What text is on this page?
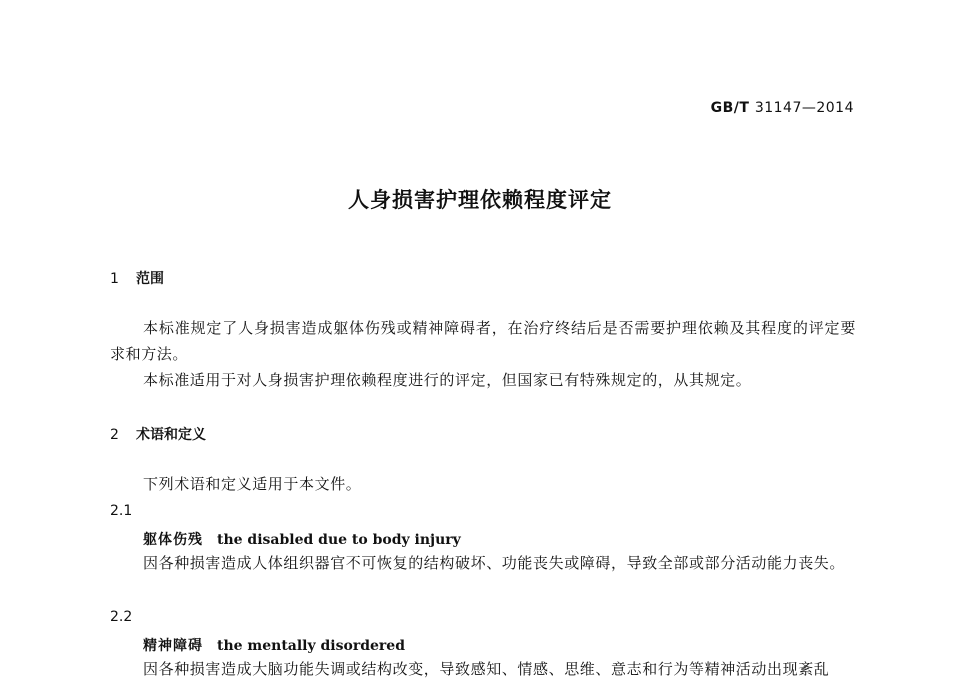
GB/T 31147—2014
人身损害护理依赖程度评定
1 范围
本标准规定了人身损害造成躯体伤残或精神障碍者，在治疗终结后是否需要护理依赖及其程度的评定要求和方法。
本标准适用于对人身损害护理依赖程度进行的评定，但国家已有特殊规定的，从其规定。
2 术语和定义
下列术语和定义适用于本文件。
2.1
躯体伤残 the disabled due to body injury
因各种损害造成人体组织器官不可恢复的结构破坏、功能丧失或障碍，导致全部或部分活动能力丧失。
2.2
精神障碍 the mentally disordered
因各种损害造成大脑功能失调或结构改变，导致感知、情感、思维、意志和行为等精神活动出现紊乱
